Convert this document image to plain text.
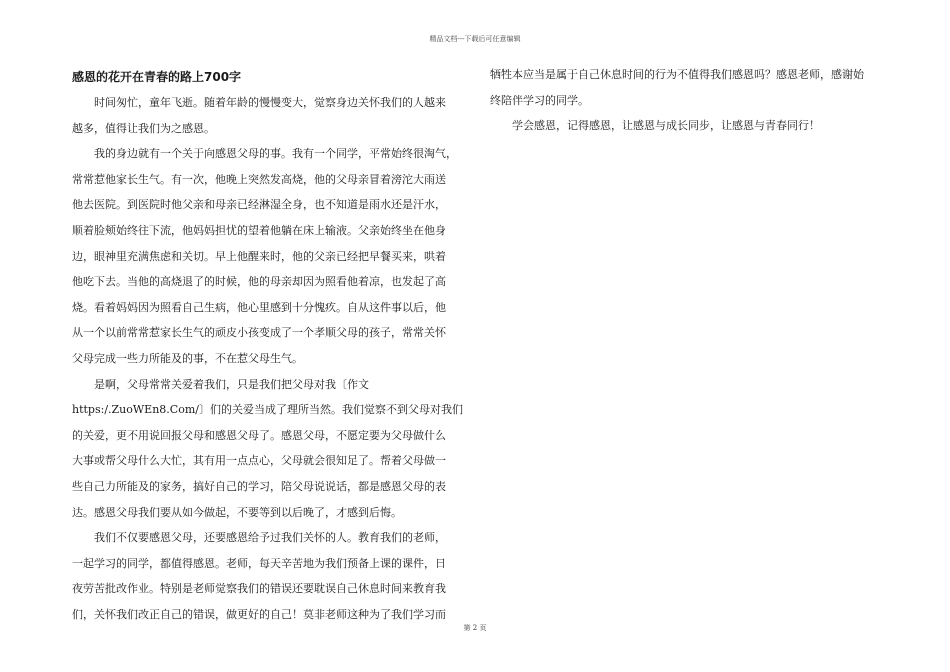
精品文档---下载后可任意编辑
感恩的花开在青春的路上700字
时间匆忙，童年飞逝。随着年龄的慢慢变大，觉察身边关怀我们的人越来
越多，值得让我们为之感恩。
我的身边就有一个关于向感恩父母的事。我有一个同学，平常始终很淘气，
常常惹他家长生气。有一次，他晚上突然发高烧，他的父母亲冒着滂沱大雨送
他去医院。到医院时他父亲和母亲已经淋湿全身，也不知道是雨水还是汗水，
顺着脸颊始终往下流，他妈妈担忧的望着他躺在床上输液。父亲始终坐在他身
边，眼神里充满焦虑和关切。早上他醒来时，他的父亲已经把早餐买来，哄着
他吃下去。当他的高烧退了的时候，他的母亲却因为照看他着凉，也发起了高
烧。看着妈妈因为照看自己生病，他心里感到十分愧疚。自从这件事以后，他
从一个以前常常惹家长生气的顽皮小孩变成了一个孝顺父母的孩子，常常关怀
父母完成一些力所能及的事，不在惹父母生气。
是啊，父母常常关爱着我们，只是我们把父母对我〔作文
https:/.ZuoWEn8.Com/〕们的关爱当成了理所当然。我们觉察不到父母对我们
的关爱，更不用说回报父母和感恩父母了。感恩父母，不愿定要为父母做什么
大事或帮父母什么大忙，其有用一点点心，父母就会很知足了。帮着父母做一
些自己力所能及的家务，搞好自己的学习，陪父母说说话，都是感恩父母的表
达。感恩父母我们要从如今做起，不要等到以后晚了，才感到后悔。
我们不仅要感恩父母，还要感恩给予过我们关怀的人。教育我们的老师，
一起学习的同学，都值得感恩。老师，每天辛苦地为我们预备上课的课件，日
夜劳苦批改作业。特别是老师觉察我们的错误还要耽误自己休息时间来教育我
们，关怀我们改正自己的错误，做更好的自己！莫非老师这种为了我们学习而
牺牲本应当是属于自己休息时间的行为不值得我们感恩吗？感恩老师，感谢始
终陪伴学习的同学。
学会感恩，记得感恩，让感恩与成长同步，让感恩与青春同行！
第 2 页
